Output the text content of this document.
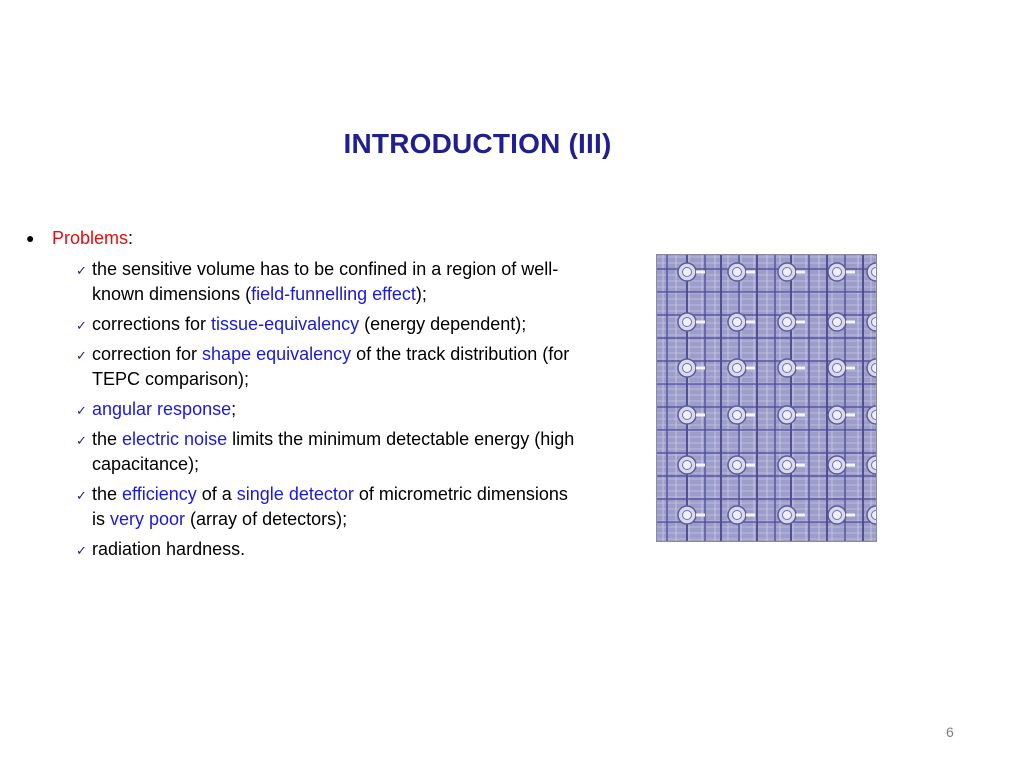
INTRODUCTION (III)
● Problems:
✓ the sensitive volume has to be confined in a region of well-known dimensions (field-funnelling effect);
✓ corrections for tissue-equivalency (energy dependent);
✓ correction for shape equivalency of the track distribution (for TEPC comparison);
✓ angular response;
✓ the electric noise limits the minimum detectable energy (high capacitance);
✓ the efficiency of a single detector of micrometric dimensions is very poor (array of detectors);
✓ radiation hardness.
6
